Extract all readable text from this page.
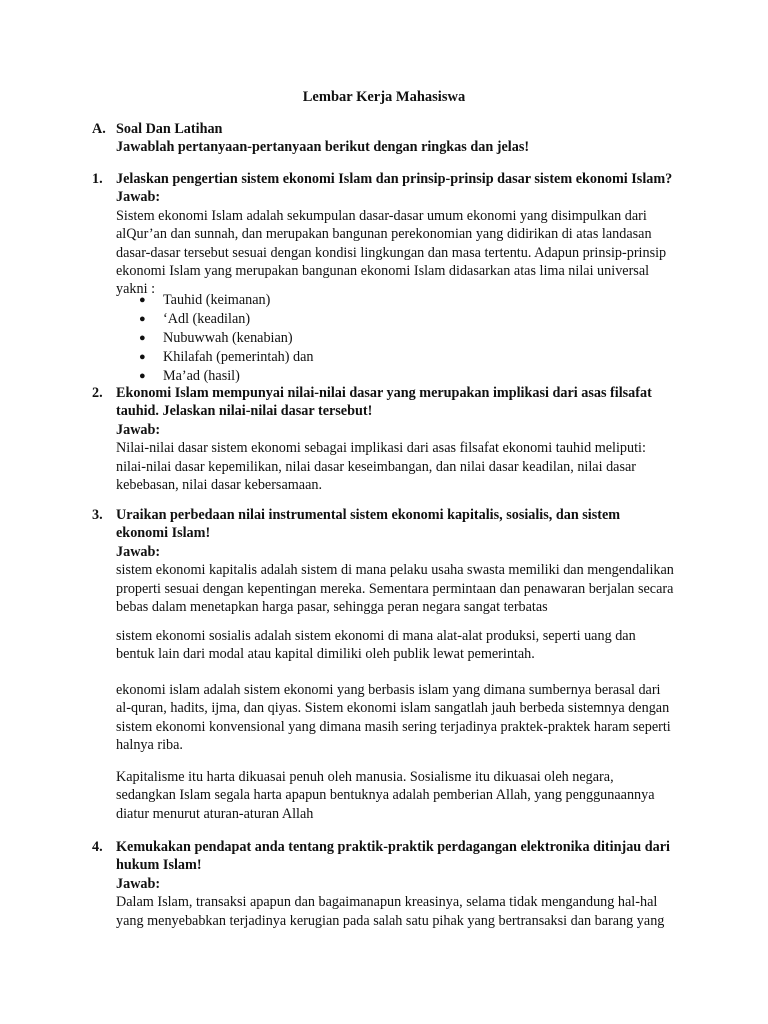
Lembar Kerja Mahasiswa
A. Soal Dan Latihan
Jawablah pertanyaan-pertanyaan berikut dengan ringkas dan jelas!
1. Jelaskan pengertian sistem ekonomi Islam dan prinsip-prinsip dasar sistem ekonomi Islam?
Jawab:
Sistem ekonomi Islam adalah sekumpulan dasar-dasar umum ekonomi yang disimpulkan dari
alQur’an dan sunnah, dan merupakan bangunan perekonomian yang didirikan di atas landasan
dasar-dasar tersebut sesuai dengan kondisi lingkungan dan masa tertentu. Adapun prinsip-prinsip
ekonomi Islam yang merupakan bangunan ekonomi Islam didasarkan atas lima nilai universal
yakni :
● Tauhid (keimanan)
● ‘Adl (keadilan)
● Nubuwwah (kenabian)
● Khilafah (pemerintah) dan
● Ma’ad (hasil)
2. Ekonomi Islam mempunyai nilai-nilai dasar yang merupakan implikasi dari asas filsafat
tauhid. Jelaskan nilai-nilai dasar tersebut!
Jawab:
Nilai-nilai dasar sistem ekonomi sebagai implikasi dari asas filsafat ekonomi tauhid meliputi:
nilai-nilai dasar kepemilikan, nilai dasar keseimbangan, dan nilai dasar keadilan, nilai dasar
kebebasan, nilai dasar kebersamaan.
3. Uraikan perbedaan nilai instrumental sistem ekonomi kapitalis, sosialis, dan sistem
ekonomi Islam!
Jawab:
sistem ekonomi kapitalis adalah sistem di mana pelaku usaha swasta memiliki dan mengendalikan
properti sesuai dengan kepentingan mereka. Sementara permintaan dan penawaran berjalan secara
bebas dalam menetapkan harga pasar, sehingga peran negara sangat terbatas
sistem ekonomi sosialis adalah sistem ekonomi di mana alat-alat produksi, seperti uang dan
bentuk lain dari modal atau kapital dimiliki oleh publik lewat pemerintah.
ekonomi islam adalah sistem ekonomi yang berbasis islam yang dimana sumbernya berasal dari
al-quran, hadits, ijma, dan qiyas. Sistem ekonomi islam sangatlah jauh berbeda sistemnya dengan
sistem ekonomi konvensional yang dimana masih sering terjadinya praktek-praktek haram seperti
halnya riba.
Kapitalisme itu harta dikuasai penuh oleh manusia. Sosialisme itu dikuasai oleh negara,
sedangkan Islam segala harta apapun bentuknya adalah pemberian Allah, yang penggunaannya
diatur menurut aturan-aturan Allah
4. Kemukakan pendapat anda tentang praktik-praktik perdagangan elektronika ditinjau dari
hukum Islam!
Jawab:
Dalam Islam, transaksi apapun dan bagaimanapun kreasinya, selama tidak mengandung hal-hal
yang menyebabkan terjadinya kerugian pada salah satu pihak yang bertransaksi dan barang yang
